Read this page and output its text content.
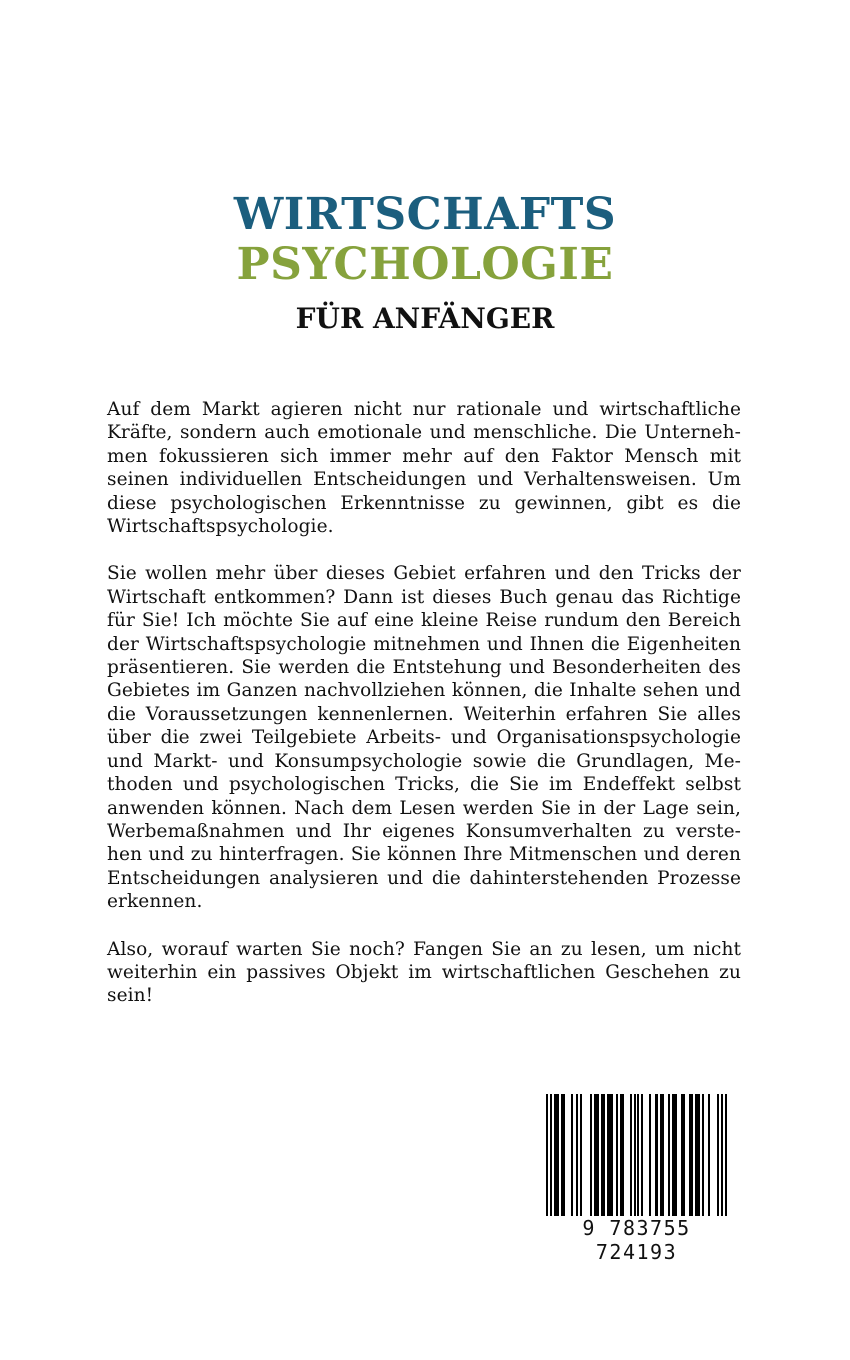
WIRTSCHAFTS
PSYCHOLOGIE
FÜR ANFÄNGER

Auf dem Markt agieren nicht nur rationale und wirtschaftliche Kräfte, sondern auch emotionale und menschliche. Die Unterneh-men fokussieren sich immer mehr auf den Faktor Mensch mit seinen individuellen Entscheidungen und Verhaltensweisen. Um diese psychologischen Erkenntnisse zu gewinnen, gibt es die Wirtschaftspsychologie.

Sie wollen mehr über dieses Gebiet erfahren und den Tricks der Wirtschaft entkommen? Dann ist dieses Buch genau das Richtige für Sie! Ich möchte Sie auf eine kleine Reise rundum den Bereich der Wirtschaftspsychologie mitnehmen und Ihnen die Eigenheiten präsentieren. Sie werden die Entstehung und Besonderheiten des Gebietes im Ganzen nachvollziehen können, die Inhalte sehen und die Voraussetzungen kennenlernen. Weiterhin erfahren Sie alles über die zwei Teilgebiete Arbeits- und Organisationspsychologie und Markt- und Konsumpsychologie sowie die Grundlagen, Me-thoden und psychologischen Tricks, die Sie im Endeffekt selbst anwenden können. Nach dem Lesen werden Sie in der Lage sein, Werbemaßnahmen und Ihr eigenes Konsumverhalten zu verste-hen und zu hinterfragen. Sie können Ihre Mitmenschen und deren Entscheidungen analysieren und die dahinterstehenden Prozesse erkennen.

Also, worauf warten Sie noch? Fangen Sie an zu lesen, um nicht weiterhin ein passives Objekt im wirtschaftlichen Geschehen zu sein!

9 783755 724193
